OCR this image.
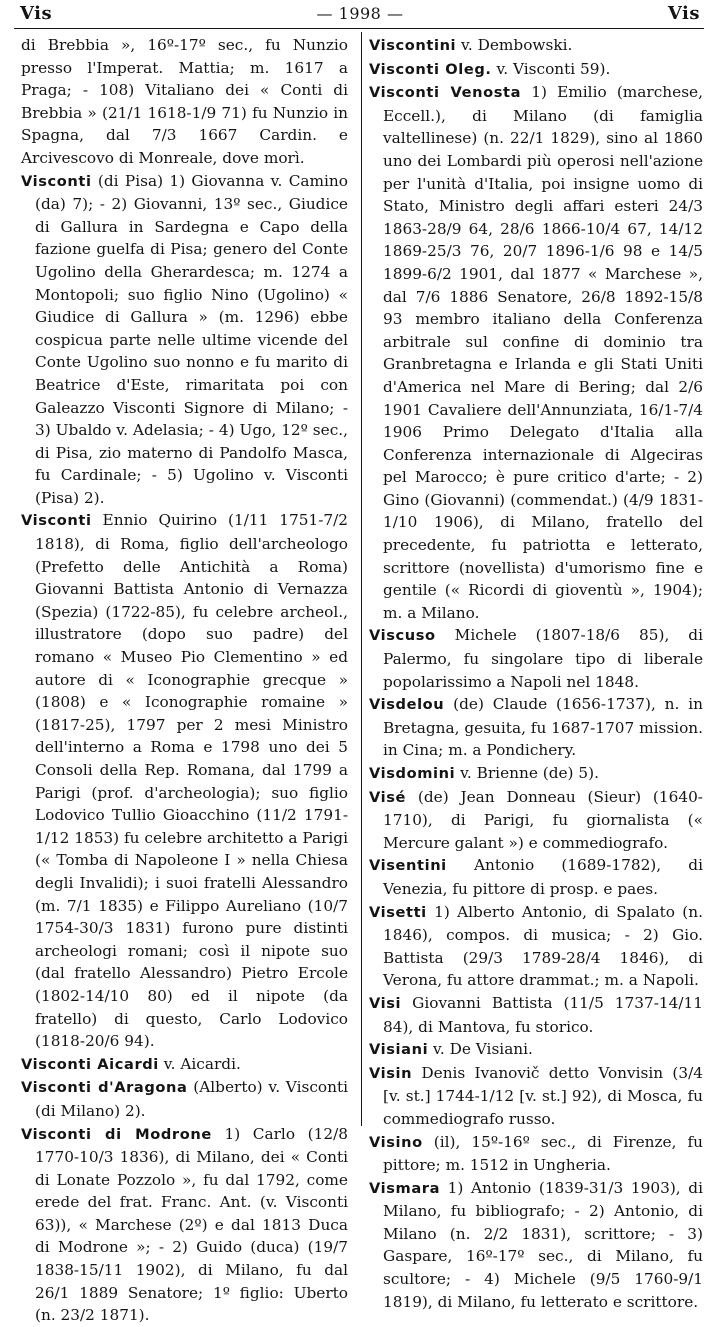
Vis	— 1998 —	Vis

di Brebbia », 16º-17º sec., fu Nunzio presso l'Imperat. Mattia; m. 1617 a Praga; - 108) Vitaliano dei « Conti di Brebbia » (21/1 1618-1/9 71) fu Nunzio in Spagna, dal 7/3 1667 Cardin. e Arcivescovo di Monreale, dove morì.

Visconti (di Pisa) 1) Giovanna v. Camino (da) 7); - 2) Giovanni, 13º sec., Giudice di Gallura in Sardegna e Capo della fazione guelfa di Pisa; genero del Conte Ugolino della Gherardesca; m. 1274 a Montopoli; suo figlio Nino (Ugolino) « Giudice di Gallura » (m. 1296) ebbe cospicua parte nelle ultime vicende del Conte Ugolino suo nonno e fu marito di Beatrice d'Este, rimaritata poi con Galeazzo Visconti Signore di Milano; - 3) Ubaldo v. Adelasia; - 4) Ugo, 12º sec., di Pisa, zio materno di Pandolfo Masca, fu Cardinale; - 5) Ugolino v. Visconti (Pisa) 2).

Visconti Ennio Quirino (1/11 1751-7/2 1818), di Roma, figlio dell'archeologo (Prefetto delle Antichità a Roma) Giovanni Battista Antonio di Vernazza (Spezia) (1722-85), fu celebre archeol., illustratore (dopo suo padre) del romano « Museo Pio Clementino » ed autore di « Iconographie grecque » (1808) e « Iconographie romaine » (1817-25), 1797 per 2 mesi Ministro dell'interno a Roma e 1798 uno dei 5 Consoli della Rep. Romana, dal 1799 a Parigi (prof. d'archeologia); suo figlio Lodovico Tullio Gioacchino (11/2 1791-1/12 1853) fu celebre architetto a Parigi (« Tomba di Napoleone I » nella Chiesa degli Invalidi); i suoi fratelli Alessandro (m. 7/1 1835) e Filippo Aureliano (10/7 1754-30/3 1831) furono pure distinti archeologi romani; così il nipote suo (dal fratello Alessandro) Pietro Ercole (1802-14/10 80) ed il nipote (da fratello) di questo, Carlo Lodovico (1818-20/6 94).

Visconti Aicardi v. Aicardi.

Visconti d'Aragona (Alberto) v. Visconti (di Milano) 2).

Visconti di Modrone 1) Carlo (12/8 1770-10/3 1836), di Milano, dei « Conti di Lonate Pozzolo », fu dal 1792, come erede del frat. Franc. Ant. (v. Visconti 63)), « Marchese (2º) e dal 1813 Duca di Modrone »; - 2) Guido (duca) (19/7 1838-15/11 1902), di Milano, fu dal 26/1 1889 Senatore; 1º figlio: Uberto (n. 23/2 1871).

Viscontini v. Dembowski.

Visconti Oleg. v. Visconti 59).

Visconti Venosta 1) Emilio (marchese, Eccell.), di Milano (di famiglia valtellinese) (n. 22/1 1829), sino al 1860 uno dei Lombardi più operosi nell'azione per l'unità d'Italia, poi insigne uomo di Stato, Ministro degli affari esteri 24/3 1863-28/9 64, 28/6 1866-10/4 67, 14/12 1869-25/3 76, 20/7 1896-1/6 98 e 14/5 1899-6/2 1901, dal 1877 « Marchese », dal 7/6 1886 Senatore, 26/8 1892-15/8 93 membro italiano della Conferenza arbitrale sul confine di dominio tra Granbretagna e Irlanda e gli Stati Uniti d'America nel Mare di Bering; dal 2/6 1901 Cavaliere dell'Annunziata, 16/1-7/4 1906 Primo Delegato d'Italia alla Conferenza internazionale di Algeciras pel Marocco; è pure critico d'arte; - 2) Gino (Giovanni) (commendat.) (4/9 1831-1/10 1906), di Milano, fratello del precedente, fu patriotta e letterato, scrittore (novellista) d'umorismo fine e gentile (« Ricordi di gioventù », 1904); m. a Milano.

Viscuso Michele (1807-18/6 85), di Palermo, fu singolare tipo di liberale popolarissimo a Napoli nel 1848.

Visdelou (de) Claude (1656-1737), n. in Bretagna, gesuita, fu 1687-1707 mission. in Cina; m. a Pondichery.

Visdomini v. Brienne (de) 5).

Visé (de) Jean Donneau (Sieur) (1640-1710), di Parigi, fu giornalista (« Mercure galant ») e commediografo.

Visentini Antonio (1689-1782), di Venezia, fu pittore di prosp. e paes.

Visetti 1) Alberto Antonio, di Spalato (n. 1846), compos. di musica; - 2) Gio. Battista (29/3 1789-28/4 1846), di Verona, fu attore drammat.; m. a Napoli.

Visi Giovanni Battista (11/5 1737-14/11 84), di Mantova, fu storico.

Visiani v. De Visiani.

Visin Denis Ivanovič detto Vonvisin (3/4 [v. st.] 1744-1/12 [v. st.] 92), di Mosca, fu commediografo russo.

Visino (il), 15º-16º sec., di Firenze, fu pittore; m. 1512 in Ungheria.

Vismara 1) Antonio (1839-31/3 1903), di Milano, fu bibliografo; - 2) Antonio, di Milano (n. 2/2 1831), scrittore; - 3) Gaspare, 16º-17º sec., di Milano, fu scultore; - 4) Michele (9/5 1760-9/1 1819), di Milano, fu letterato e scrittore.
